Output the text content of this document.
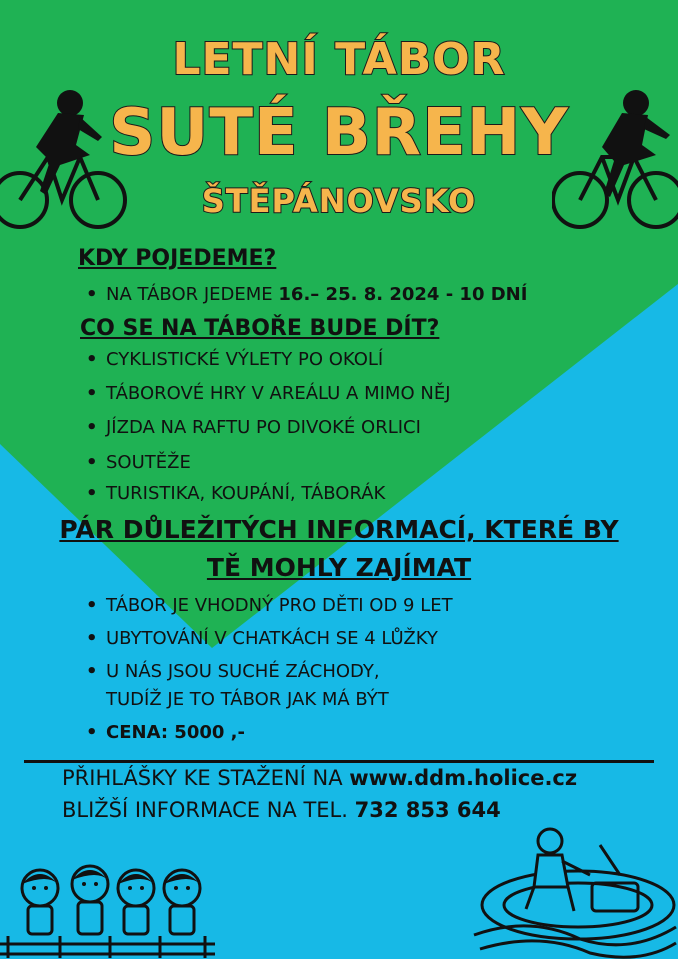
LETNÍ TÁBOR
SUTÉ BŘEHY
ŠTĚPÁNOVSKO
KDY POJEDEME?
• NA TÁBOR JEDEME 16.– 25. 8. 2024 - 10 DNÍ
CO SE NA TÁBOŘE BUDE DÍT?
• CYKLISTICKÉ VÝLETY PO OKOLÍ
• TÁBOROVÉ HRY V AREÁLU A MIMO NĚJ
• JÍZDA NA RAFTU PO DIVOKÉ ORLICI
• SOUTĚŽE
• TURISTIKA, KOUPÁNÍ, TÁBORÁK
PÁR DŮLEŽITÝCH INFORMACÍ, KTERÉ BY
TĚ MOHLY ZAJÍMAT
• TÁBOR JE VHODNÝ PRO DĚTI OD 9 LET
• UBYTOVÁNÍ V CHATKÁCH SE 4 LŮŽKY
• U NÁS JSOU SUCHÉ ZÁCHODY,
TUDÍŽ JE TO TÁBOR JAK MÁ BÝT
• CENA: 5000 ,-
PŘIHLÁŠKY KE STAŽENÍ NA www.ddm.holice.cz
BLIŽŠÍ INFORMACE NA TEL. 732 853 644
